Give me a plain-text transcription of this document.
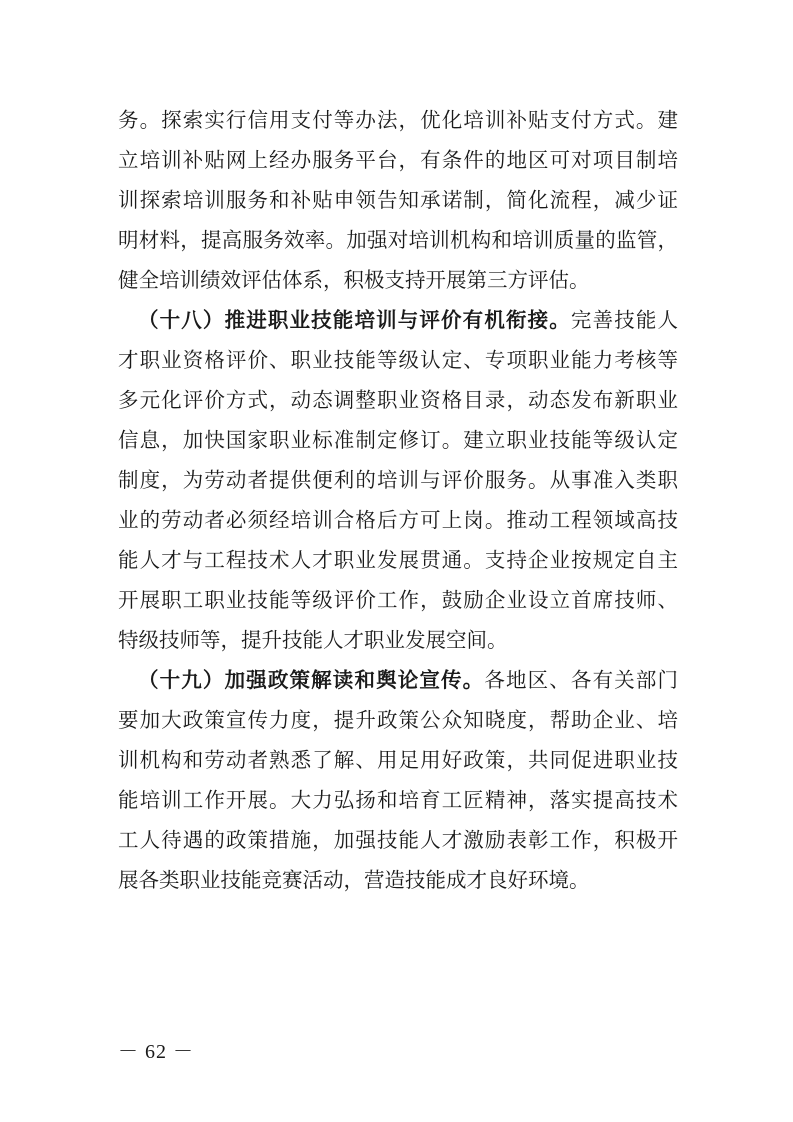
务。探索实行信用支付等办法，优化培训补贴支付方式。建
立培训补贴网上经办服务平台，有条件的地区可对项目制培
训探索培训服务和补贴申领告知承诺制，简化流程，减少证
明材料，提高服务效率。加强对培训机构和培训质量的监管，
健全培训绩效评估体系，积极支持开展第三方评估。
（十八）推进职业技能培训与评价有机衔接。完善技能人
才职业资格评价、职业技能等级认定、专项职业能力考核等
多元化评价方式，动态调整职业资格目录，动态发布新职业
信息，加快国家职业标准制定修订。建立职业技能等级认定
制度，为劳动者提供便利的培训与评价服务。从事准入类职
业的劳动者必须经培训合格后方可上岗。推动工程领域高技
能人才与工程技术人才职业发展贯通。支持企业按规定自主
开展职工职业技能等级评价工作，鼓励企业设立首席技师、
特级技师等，提升技能人才职业发展空间。
（十九）加强政策解读和舆论宣传。各地区、各有关部门
要加大政策宣传力度，提升政策公众知晓度，帮助企业、培
训机构和劳动者熟悉了解、用足用好政策，共同促进职业技
能培训工作开展。大力弘扬和培育工匠精神，落实提高技术
工人待遇的政策措施，加强技能人才激励表彰工作，积极开
展各类职业技能竞赛活动，营造技能成才良好环境。
－ 62 －
